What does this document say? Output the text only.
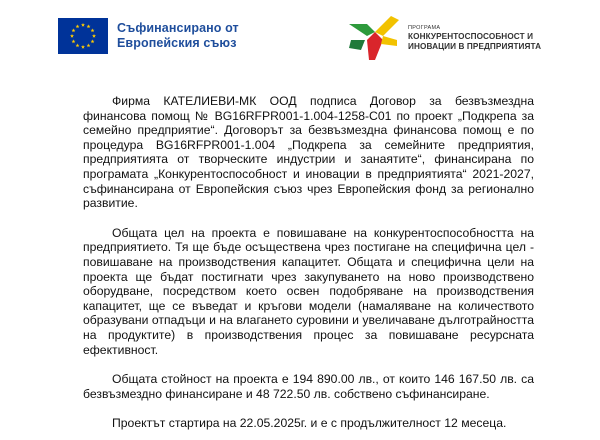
Съфинансирано от
Европейския съюз
ПРОГРАМА
КОНКУРЕНТОСПОСОБНОСТ И
ИНОВАЦИИ В ПРЕДПРИЯТИЯТА

Фирма КАТЕЛИЕВИ-МК ООД подписа Договор за безвъзмездна финансова помощ № BG16RFPR001-1.004-1258-C01 по проект „Подкрепа за семейно предприятие“. Договорът за безвъзмездна финансова помощ е по процедура BG16RFPR001-1.004 „Подкрепа за семейните предприятия, предприятията от творческите индустрии и занаятите“, финансирана по програмата „Конкурентоспособност и иновации в предприятията“ 2021-2027, съфинансирана от Европейския съюз чрез Европейския фонд за регионално развитие.

Общата цел на проекта е повишаване на конкурентоспособността на предприятието. Тя ще бъде осъществена чрез постигане на специфична цел - повишаване на производствения капацитет. Общата и специфична цели на проекта ще бъдат постигнати чрез закупуването на ново производствено оборудване, посредством което освен подобряване на производствения капацитет, ще се въведат и кръгови модели (намаляване на количеството образувани отпадъци и на влагането суровини и увеличаване дълготрайността на продуктите) в производствения процес за повишаване ресурсната ефективност.

Общата стойност на проекта е 194 890.00 лв., от които 146 167.50 лв. са безвъзмездно финансиране и 48 722.50 лв. собствено съфинансиране.

Проектът стартира на 22.05.2025г. и е с продължителност 12 месеца.
